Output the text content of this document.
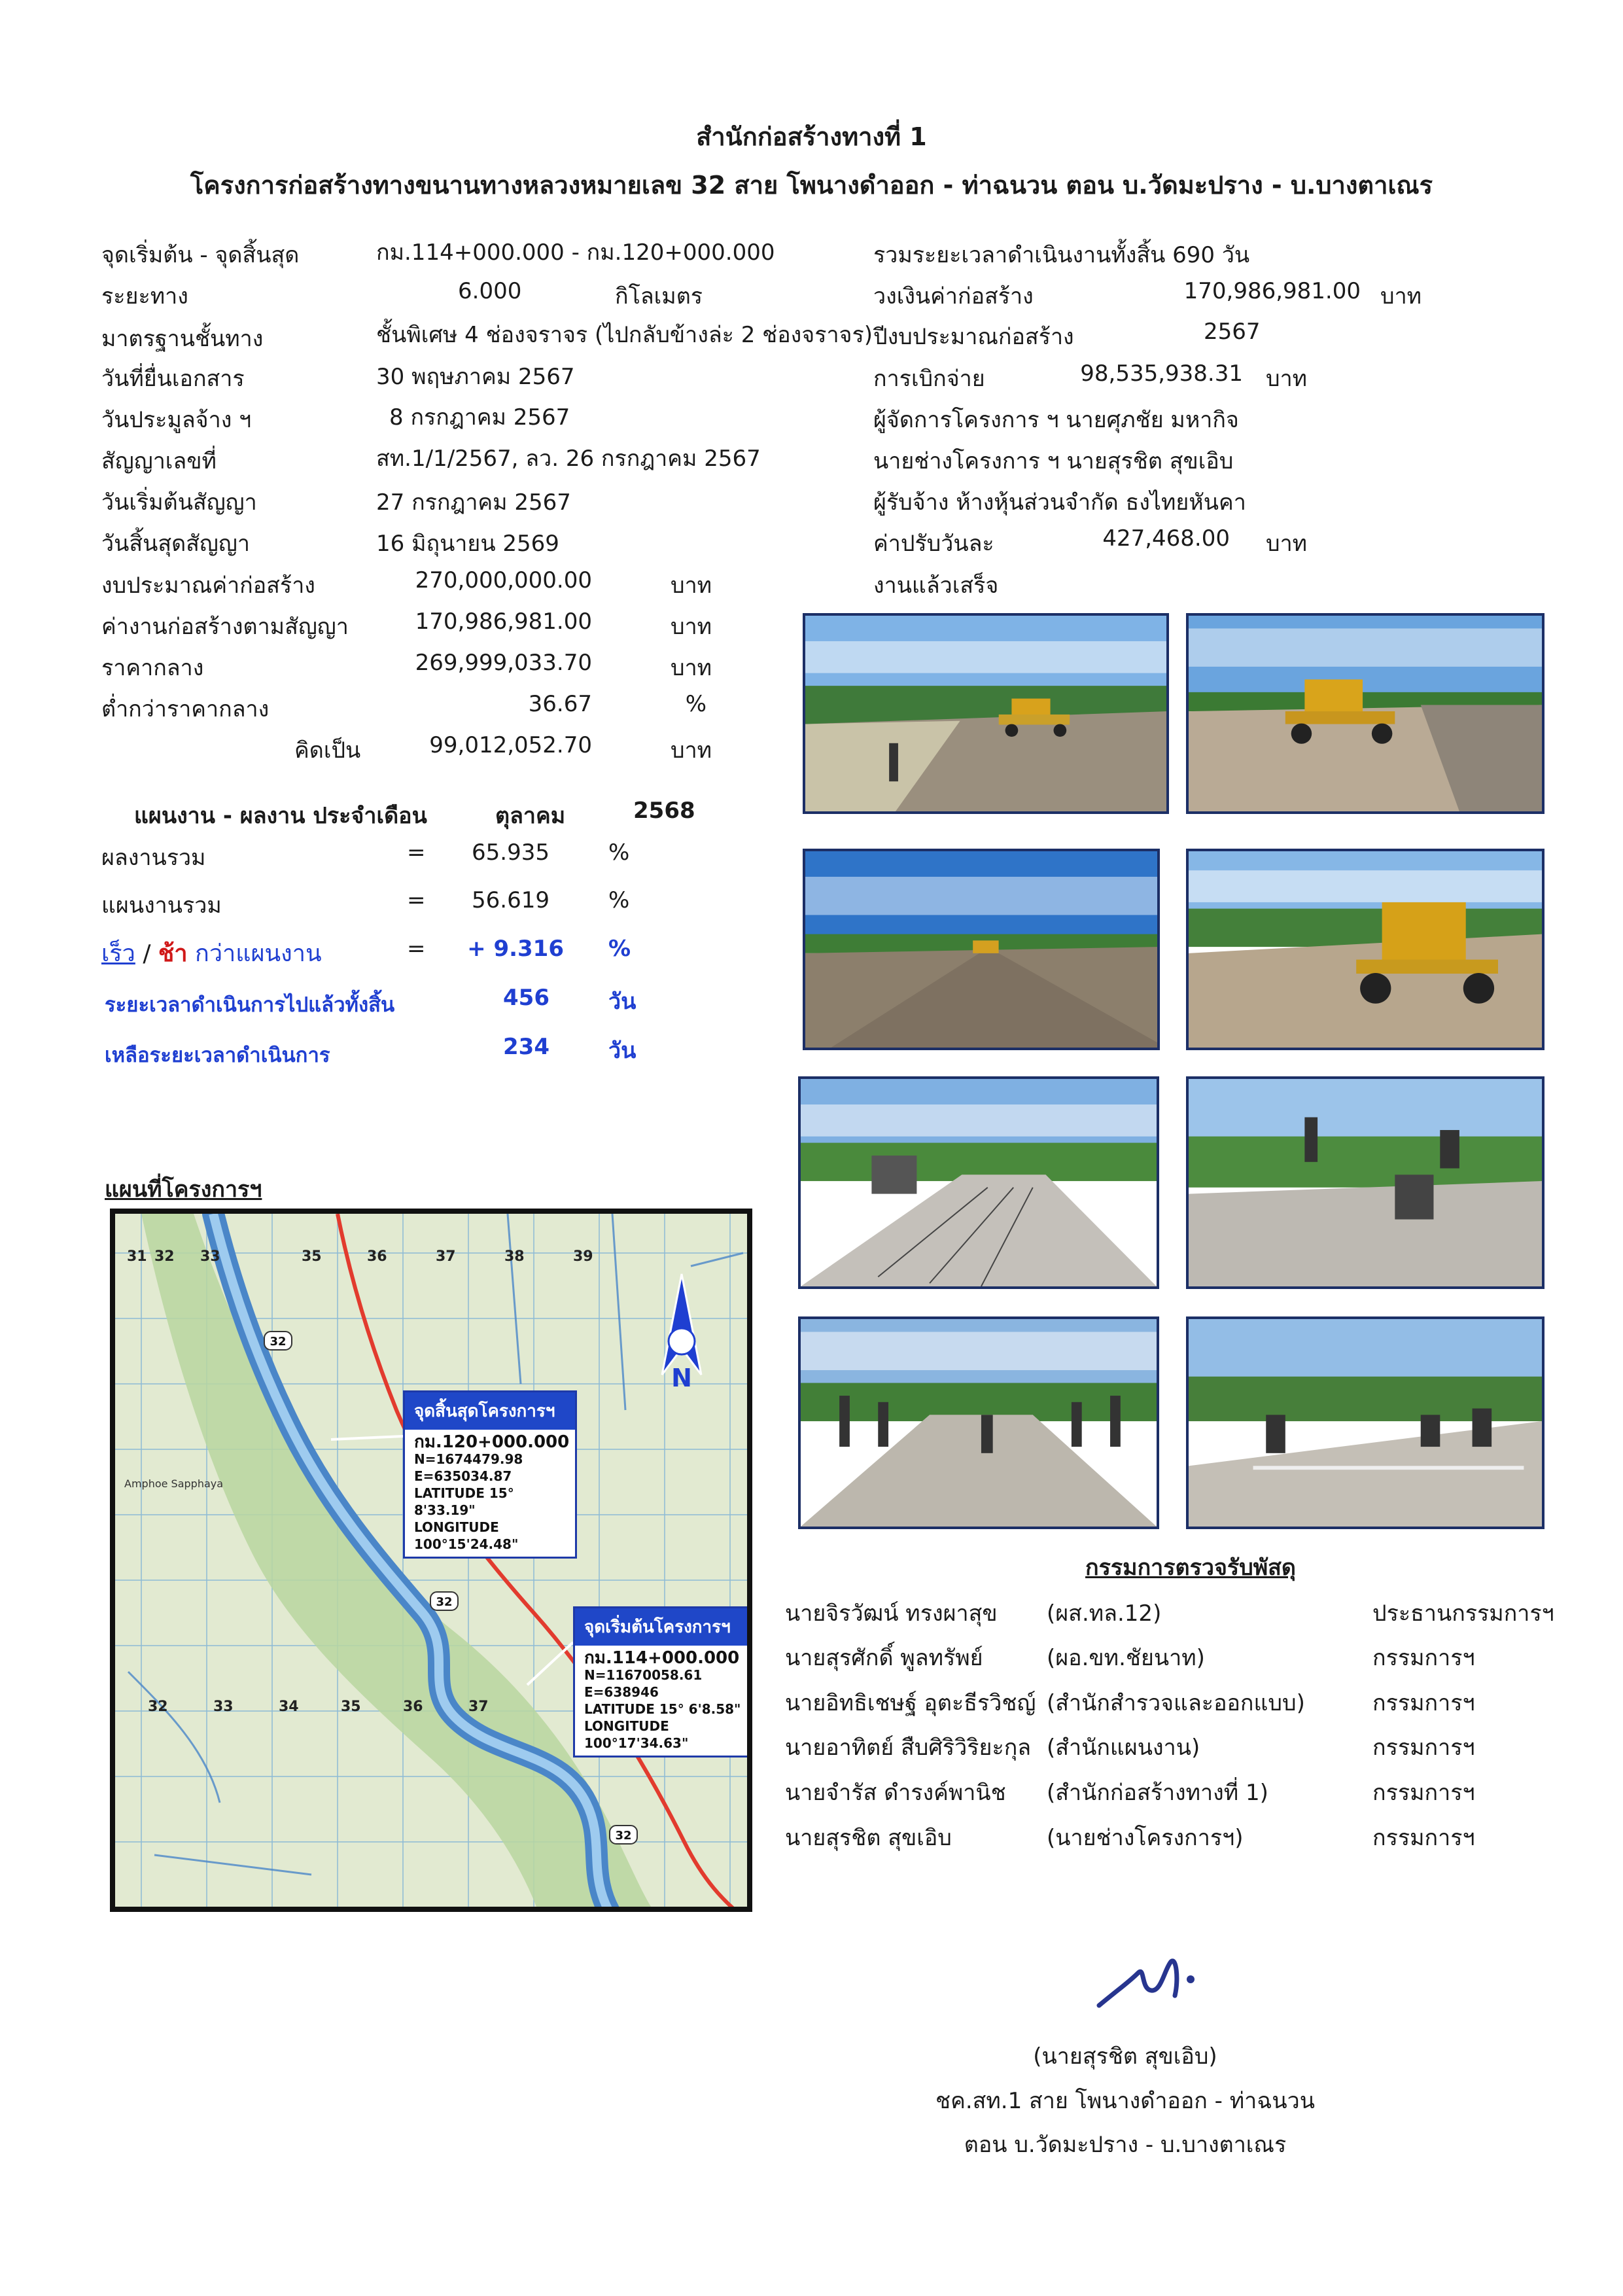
สำนักก่อสร้างทางที่ 1
โครงการก่อสร้างทางขนานทางหลวงหมายเลข 32 สาย โพนางดำออก - ท่าฉนวน ตอน บ.วัดมะปราง - บ.บางตาเณร
จุดเริ่มต้น - จุดสิ้นสุด	กม.114+000.000 - กม.120+000.000
ระยะทาง	6.000	กิโลเมตร
มาตรฐานชั้นทาง	ชั้นพิเศษ 4 ช่องจราจร (ไปกลับข้างล่ะ 2 ช่องจราจร)
วันที่ยื่นเอกสาร	30 พฤษภาคม 2567
วันประมูลจ้าง ฯ	8 กรกฎาคม 2567
สัญญาเลขที่	สท.1/1/2567, ลว. 26 กรกฎาคม 2567
วันเริ่มต้นสัญญา	27 กรกฎาคม 2567
วันสิ้นสุดสัญญา	16 มิถุนายน 2569
งบประมาณค่าก่อสร้าง	270,000,000.00	บาท
ค่างานก่อสร้างตามสัญญา	170,986,981.00	บาท
ราคากลาง	269,999,033.70	บาท
ต่ำกว่าราคากลาง	36.67	%
คิดเป็น	99,012,052.70	บาท
รวมระยะเวลาดำเนินงานทั้งสิ้น 690 วัน
วงเงินค่าก่อสร้าง	170,986,981.00 บาท
ปีงบประมาณก่อสร้าง	2567
การเบิกจ่าย	98,535,938.31 บาท
ผู้จัดการโครงการ ฯ นายศุภชัย มหากิจ
นายช่างโครงการ ฯ นายสุรชิต สุขเอิบ
ผู้รับจ้าง ห้างหุ้นส่วนจำกัด ธงไทยหันคา
ค่าปรับวันละ	427,468.00 บาท
งานแล้วเสร็จ
แผนงาน - ผลงาน ประจำเดือน	ตุลาคม	2568
ผลงานรวม	=	65.935	%
แผนงานรวม	=	56.619	%
เร็ว / ช้า กว่าแผนงาน	=	+ 9.316 %
ระยะเวลาดำเนินการไปแล้วทั้งสิ้น	456	วัน
เหลือระยะเวลาดำเนินการ	234	วัน
แผนที่โครงการฯ
31 32 33	35	36	37	38	39
32	33	34	35	36	37
Amphoe Sapphaya
32
32
32
N
จุดสิ้นสุดโครงการฯ
กม.120+000.000
N=1674479.98
E=635034.87
LATITUDE 15° 8'33.19"
LONGITUDE 100°15'24.48"
จุดเริ่มต้นโครงการฯ
กม.114+000.000
N=11670058.61
E=638946
LATITUDE 15° 6'8.58"
LONGITUDE 100°17'34.63"
กรรมการตรวจรับพัสดุ
นายจิรวัฒน์ ทรงผาสุข (ผส.ทล.12)	ประธานกรรมการฯ
นายสุรศักดิ์ พูลทรัพย์	(ผอ.ขท.ชัยนาท)	กรรมการฯ
นายอิทธิเชษฐ์ อุตะธีรวิชญ์ (สำนักสำรวจและออกแบบ)	กรรมการฯ
นายอาทิตย์ สืบศิริวิริยะกุล (สำนักแผนงาน)	กรรมการฯ
นายจำรัส ดำรงค์พานิช (สำนักก่อสร้างทางที่ 1)	กรรมการฯ
นายสุรชิต สุขเอิบ	(นายช่างโครงการฯ)	กรรมการฯ
(นายสุรชิต สุขเอิบ)
ชค.สท.1 สาย โพนางดำออก - ท่าฉนวน
ตอน บ.วัดมะปราง - บ.บางตาเณร
